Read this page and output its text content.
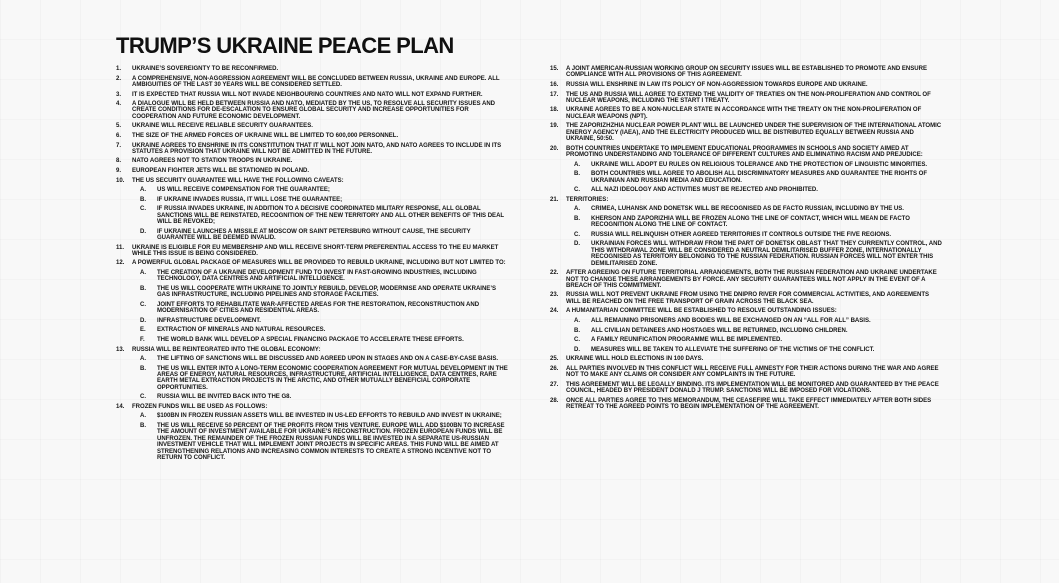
TRUMP’S UKRAINE PEACE PLAN
1.	UKRAINE’S SOVEREIGNTY TO BE RECONFIRMED.
2.	A COMPREHENSIVE, NON-AGGRESSION AGREEMENT WILL BE CONCLUDED BETWEEN RUSSIA, UKRAINE AND EUROPE. ALL AMBIGUITIES OF THE LAST 30 YEARS WILL BE CONSIDERED SETTLED.
3.	IT IS EXPECTED THAT RUSSIA WILL NOT INVADE NEIGHBOURING COUNTRIES AND NATO WILL NOT EXPAND FURTHER.
4.	A DIALOGUE WILL BE HELD BETWEEN RUSSIA AND NATO, MEDIATED BY THE US, TO RESOLVE ALL SECURITY ISSUES AND CREATE CONDITIONS FOR DE-ESCALATION TO ENSURE GLOBAL SECURITY AND INCREASE OPPORTUNITIES FOR COOPERATION AND FUTURE ECONOMIC DEVELOPMENT.
5.	UKRAINE WILL RECEIVE RELIABLE SECURITY GUARANTEES.
6.	THE SIZE OF THE ARMED FORCES OF UKRAINE WILL BE LIMITED TO 600,000 PERSONNEL.
7.	UKRAINE AGREES TO ENSHRINE IN ITS CONSTITUTION THAT IT WILL NOT JOIN NATO, AND NATO AGREES TO INCLUDE IN ITS STATUTES A PROVISION THAT UKRAINE WILL NOT BE ADMITTED IN THE FUTURE.
8.	NATO AGREES NOT TO STATION TROOPS IN UKRAINE.
9.	EUROPEAN FIGHTER JETS WILL BE STATIONED IN POLAND.
10.	THE US SECURITY GUARANTEE WILL HAVE THE FOLLOWING CAVEATS:
A.	US WILL RECEIVE COMPENSATION FOR THE GUARANTEE;
B.	IF UKRAINE INVADES RUSSIA, IT WILL LOSE THE GUARANTEE;
C.	IF RUSSIA INVADES UKRAINE, IN ADDITION TO A DECISIVE COORDINATED MILITARY RESPONSE, ALL GLOBAL SANCTIONS WILL BE REINSTATED, RECOGNITION OF THE NEW TERRITORY AND ALL OTHER BENEFITS OF THIS DEAL WILL BE REVOKED;
D.	IF UKRAINE LAUNCHES A MISSILE AT MOSCOW OR SAINT PETERSBURG WITHOUT CAUSE, THE SECURITY GUARANTEE WILL BE DEEMED INVALID.
11.	UKRAINE IS ELIGIBLE FOR EU MEMBERSHIP AND WILL RECEIVE SHORT-TERM PREFERENTIAL ACCESS TO THE EU MARKET WHILE THIS ISSUE IS BEING CONSIDERED.
12.	A POWERFUL GLOBAL PACKAGE OF MEASURES WILL BE PROVIDED TO REBUILD UKRAINE, INCLUDING BUT NOT LIMITED TO:
A.	THE CREATION OF A UKRAINE DEVELOPMENT FUND TO INVEST IN FAST-GROWING INDUSTRIES, INCLUDING TECHNOLOGY, DATA CENTRES AND ARTIFICIAL INTELLIGENCE.
B.	THE US WILL COOPERATE WITH UKRAINE TO JOINTLY REBUILD, DEVELOP, MODERNISE AND OPERATE UKRAINE’S GAS INFRASTRUCTURE, INCLUDING PIPELINES AND STORAGE FACILITIES.
C.	JOINT EFFORTS TO REHABILITATE WAR-AFFECTED AREAS FOR THE RESTORATION, RECONSTRUCTION AND MODERNISATION OF CITIES AND RESIDENTIAL AREAS.
D.	INFRASTRUCTURE DEVELOPMENT.
E.	EXTRACTION OF MINERALS AND NATURAL RESOURCES.
F.	THE WORLD BANK WILL DEVELOP A SPECIAL FINANCING PACKAGE TO ACCELERATE THESE EFFORTS.
13.	RUSSIA WILL BE REINTEGRATED INTO THE GLOBAL ECONOMY:
A.	THE LIFTING OF SANCTIONS WILL BE DISCUSSED AND AGREED UPON IN STAGES AND ON A CASE-BY-CASE BASIS.
B.	THE US WILL ENTER INTO A LONG-TERM ECONOMIC COOPERATION AGREEMENT FOR MUTUAL DEVELOPMENT IN THE AREAS OF ENERGY, NATURAL RESOURCES, INFRASTRUCTURE, ARTIFICIAL INTELLIGENCE, DATA CENTRES, RARE EARTH METAL EXTRACTION PROJECTS IN THE ARCTIC, AND OTHER MUTUALLY BENEFICIAL CORPORATE OPPORTUNITIES.
C.	RUSSIA WILL BE INVITED BACK INTO THE G8.
14.	FROZEN FUNDS WILL BE USED AS FOLLOWS:
A.	$100BN IN FROZEN RUSSIAN ASSETS WILL BE INVESTED IN US-LED EFFORTS TO REBUILD AND INVEST IN UKRAINE;
B.	THE US WILL RECEIVE 50 PERCENT OF THE PROFITS FROM THIS VENTURE. EUROPE WILL ADD $100BN TO INCREASE THE AMOUNT OF INVESTMENT AVAILABLE FOR UKRAINE’S RECONSTRUCTION. FROZEN EUROPEAN FUNDS WILL BE UNFROZEN. THE REMAINDER OF THE FROZEN RUSSIAN FUNDS WILL BE INVESTED IN A SEPARATE US-RUSSIAN INVESTMENT VEHICLE THAT WILL IMPLEMENT JOINT PROJECTS IN SPECIFIC AREAS. THIS FUND WILL BE AIMED AT STRENGTHENING RELATIONS AND INCREASING COMMON INTERESTS TO CREATE A STRONG INCENTIVE NOT TO RETURN TO CONFLICT.
15.	A JOINT AMERICAN-RUSSIAN WORKING GROUP ON SECURITY ISSUES WILL BE ESTABLISHED TO PROMOTE AND ENSURE COMPLIANCE WITH ALL PROVISIONS OF THIS AGREEMENT.
16.	RUSSIA WILL ENSHRINE IN LAW ITS POLICY OF NON-AGGRESSION TOWARDS EUROPE AND UKRAINE.
17.	THE US AND RUSSIA WILL AGREE TO EXTEND THE VALIDITY OF TREATIES ON THE NON-PROLIFERATION AND CONTROL OF NUCLEAR WEAPONS, INCLUDING THE START I TREATY.
18.	UKRAINE AGREES TO BE A NON-NUCLEAR STATE IN ACCORDANCE WITH THE TREATY ON THE NON-PROLIFERATION OF NUCLEAR WEAPONS (NPT).
19.	THE ZAPORIZHZHIA NUCLEAR POWER PLANT WILL BE LAUNCHED UNDER THE SUPERVISION OF THE INTERNATIONAL ATOMIC ENERGY AGENCY (IAEA), AND THE ELECTRICITY PRODUCED WILL BE DISTRIBUTED EQUALLY BETWEEN RUSSIA AND UKRAINE, 50:50.
20.	BOTH COUNTRIES UNDERTAKE TO IMPLEMENT EDUCATIONAL PROGRAMMES IN SCHOOLS AND SOCIETY AIMED AT PROMOTING UNDERSTANDING AND TOLERANCE OF DIFFERENT CULTURES AND ELIMINATING RACISM AND PREJUDICE:
A.	UKRAINE WILL ADOPT EU RULES ON RELIGIOUS TOLERANCE AND THE PROTECTION OF LINGUISTIC MINORITIES.
B.	BOTH COUNTRIES WILL AGREE TO ABOLISH ALL DISCRIMINATORY MEASURES AND GUARANTEE THE RIGHTS OF UKRAINIAN AND RUSSIAN MEDIA AND EDUCATION.
C.	ALL NAZI IDEOLOGY AND ACTIVITIES MUST BE REJECTED AND PROHIBITED.
21.	TERRITORIES:
A.	CRIMEA, LUHANSK AND DONETSK WILL BE RECOGNISED AS DE FACTO RUSSIAN, INCLUDING BY THE US.
B.	KHERSON AND ZAPORIZHIA WILL BE FROZEN ALONG THE LINE OF CONTACT, WHICH WILL MEAN DE FACTO RECOGNITION ALONG THE LINE OF CONTACT.
C.	RUSSIA WILL RELINQUISH OTHER AGREED TERRITORIES IT CONTROLS OUTSIDE THE FIVE REGIONS.
D.	UKRAINIAN FORCES WILL WITHDRAW FROM THE PART OF DONETSK OBLAST THAT THEY CURRENTLY CONTROL, AND THIS WITHDRAWAL ZONE WILL BE CONSIDERED A NEUTRAL DEMILITARISED BUFFER ZONE, INTERNATIONALLY RECOGNISED AS TERRITORY BELONGING TO THE RUSSIAN FEDERATION. RUSSIAN FORCES WILL NOT ENTER THIS DEMILITARISED ZONE.
22.	AFTER AGREEING ON FUTURE TERRITORIAL ARRANGEMENTS, BOTH THE RUSSIAN FEDERATION AND UKRAINE UNDERTAKE NOT TO CHANGE THESE ARRANGEMENTS BY FORCE. ANY SECURITY GUARANTEES WILL NOT APPLY IN THE EVENT OF A BREACH OF THIS COMMITMENT.
23.	RUSSIA WILL NOT PREVENT UKRAINE FROM USING THE DNIPRO RIVER FOR COMMERCIAL ACTIVITIES, AND AGREEMENTS WILL BE REACHED ON THE FREE TRANSPORT OF GRAIN ACROSS THE BLACK SEA.
24.	A HUMANITARIAN COMMITTEE WILL BE ESTABLISHED TO RESOLVE OUTSTANDING ISSUES:
A.	ALL REMAINING PRISONERS AND BODIES WILL BE EXCHANGED ON AN “ALL FOR ALL” BASIS.
B.	ALL CIVILIAN DETAINEES AND HOSTAGES WILL BE RETURNED, INCLUDING CHILDREN.
C.	A FAMILY REUNIFICATION PROGRAMME WILL BE IMPLEMENTED.
D.	MEASURES WILL BE TAKEN TO ALLEVIATE THE SUFFERING OF THE VICTIMS OF THE CONFLICT.
25.	UKRAINE WILL HOLD ELECTIONS IN 100 DAYS.
26.	ALL PARTIES INVOLVED IN THIS CONFLICT WILL RECEIVE FULL AMNESTY FOR THEIR ACTIONS DURING THE WAR AND AGREE NOT TO MAKE ANY CLAIMS OR CONSIDER ANY COMPLAINTS IN THE FUTURE.
27.	THIS AGREEMENT WILL BE LEGALLY BINDING. ITS IMPLEMENTATION WILL BE MONITORED AND GUARANTEED BY THE PEACE COUNCIL, HEADED BY PRESIDENT DONALD J TRUMP. SANCTIONS WILL BE IMPOSED FOR VIOLATIONS.
28.	ONCE ALL PARTIES AGREE TO THIS MEMORANDUM, THE CEASEFIRE WILL TAKE EFFECT IMMEDIATELY AFTER BOTH SIDES RETREAT TO THE AGREED POINTS TO BEGIN IMPLEMENTATION OF THE AGREEMENT.
